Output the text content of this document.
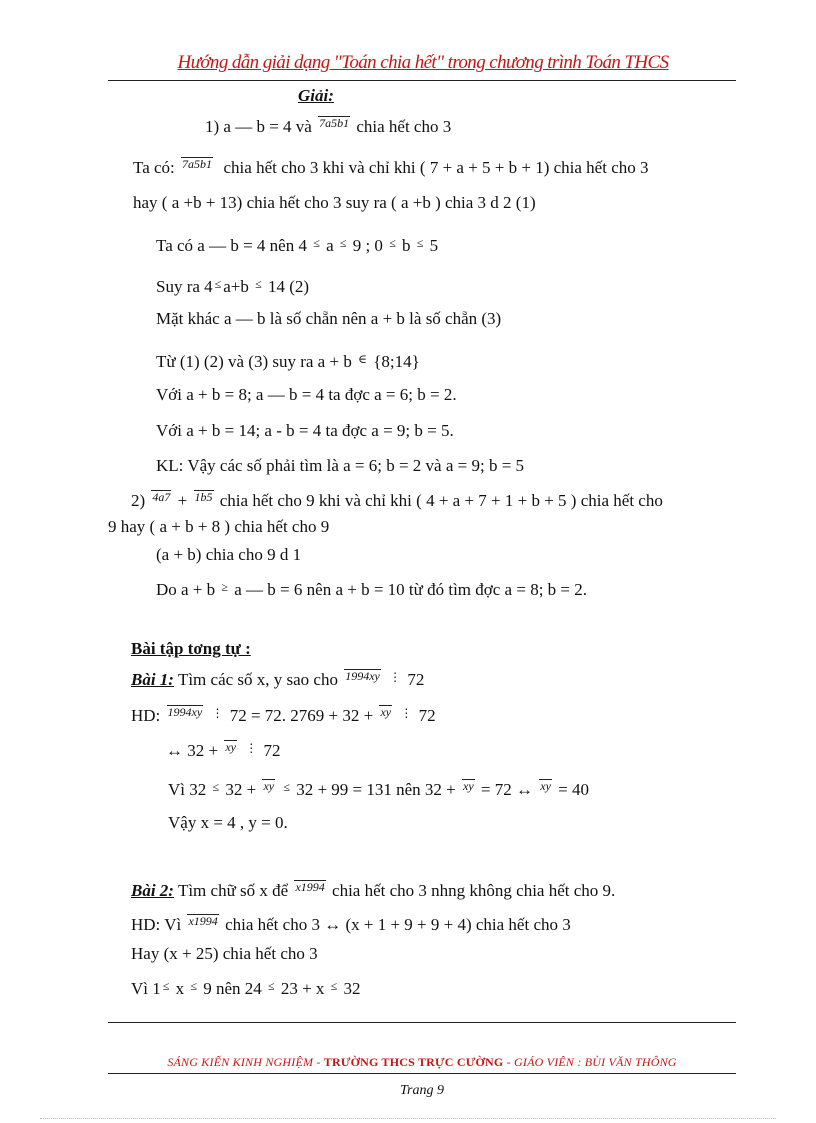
Hướng dẫn giải dạng "Toán chia hết" trong chương trình Toán THCS
Giải:
1) a — b = 4 và 7a5b1 chia hết cho 3
Ta có: 7a5b1 chia hết cho 3 khi và chỉ khi ( 7 + a + 5 + b + 1) chia hết cho 3
hay ( a +b + 13) chia hết cho 3 suy ra ( a +b ) chia 3 d 2 (1)
Ta có a — b = 4 nên 4 ≤ a ≤ 9 ; 0 ≤ b ≤ 5
Suy ra 4 ≤ a+b ≤ 14 (2)
Mặt khác a — b là số chẵn nên a + b là số chẵn (3)
Từ (1) (2) và (3) suy ra a + b ∈ {8;14}
Với a + b = 8; a — b = 4 ta đợc a = 6; b = 2.
Với a + b = 14; a - b = 4 ta đợc a = 9; b = 5.
KL: Vậy các số phải tìm là a = 6; b = 2 và a = 9; b = 5
2) 4a7 + 1b5 chia hết cho 9 khi và chỉ khi ( 4 + a + 7 + 1 + b + 5 ) chia hết cho
9 hay ( a + b + 8 ) chia hết cho 9
(a + b) chia cho 9 d 1
Do a + b ≥ a — b = 6 nên a + b = 10 từ đó tìm đợc a = 8; b = 2.
Bài tập tơng tự :
Bài 1: Tìm các số x, y sao cho 1994xy ⋮ 72
HD: 1994xy ⋮ 72 = 72. 2769 + 32 + xy ⋮ 72
↔ 32 + xy ⋮ 72
Vì 32 ≤ 32 + xy ≤ 32 + 99 = 131 nên 32 + xy = 72 ↔ xy = 40
Vậy x = 4 , y = 0.
Bài 2: Tìm chữ số x để x1994 chia hết cho 3 nhng không chia hết cho 9.
HD: Vì x1994 chia hết cho 3 ↔ (x + 1 + 9 + 9 + 4) chia hết cho 3
Hay (x + 25) chia hết cho 3
Vì 1 ≤ x ≤ 9 nên 24 ≤ 23 + x ≤ 32
SÁNG KIẾN KINH NGHIỆM - TRƯỜNG THCS TRỰC CƯỜNG - GIÁO VIÊN : BÙI VĂN THÔNG
Trang 9
